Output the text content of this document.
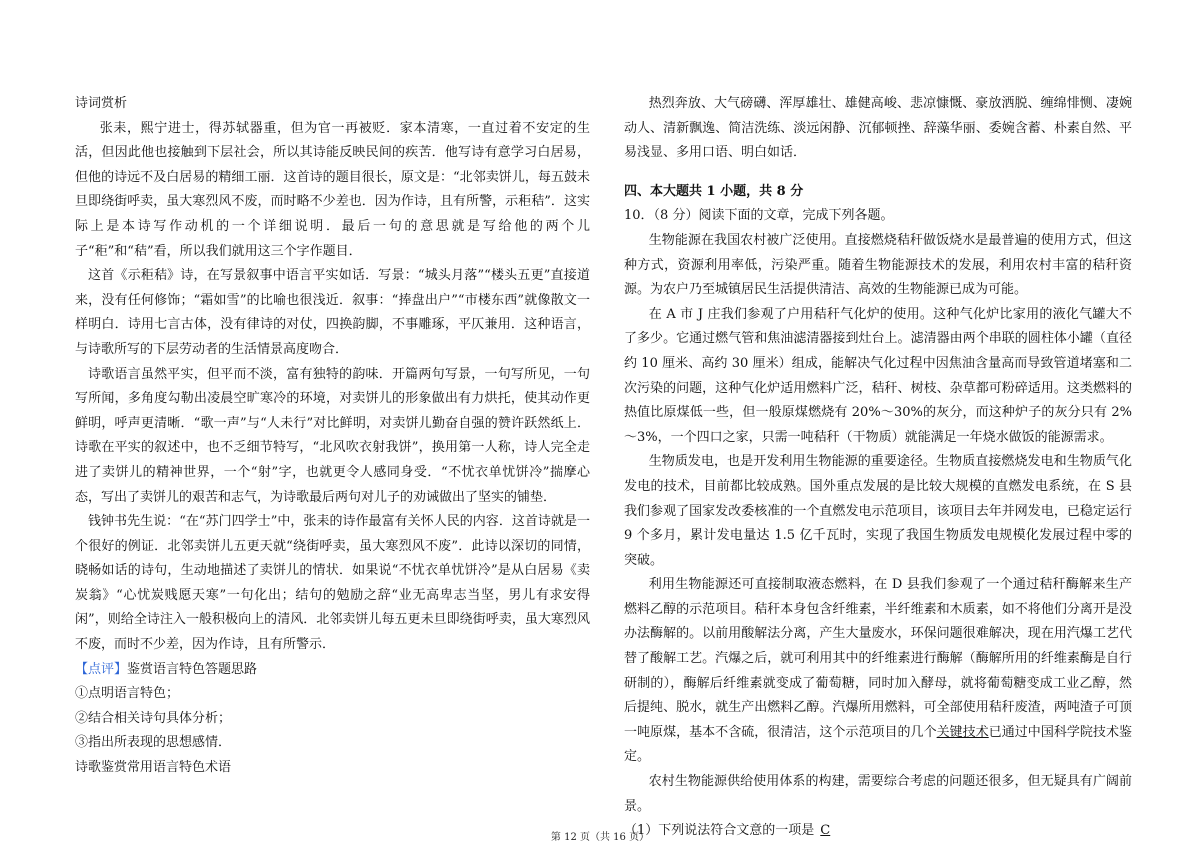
诗词赏析

张耒，熙宁进士，得苏轼器重，但为官一再被贬．家本清寒，一直过着不安定的生活，但因此他也接触到下层社会，所以其诗能反映民间的疾苦．他写诗有意学习白居易，但他的诗远不及白居易的精细工丽．这首诗的题目很长，原文是：“北邻卖饼儿，每五鼓未旦即绕街呼卖，虽大寒烈风不废，而时略不少差也．因为作诗，且有所警，示秬秸”．这实际上是本诗写作动机的一个详细说明．最后一句的意思就是写给他的两个儿子“秬”和“秸”看，所以我们就用这三个字作题目．

这首《示秬秸》诗，在写景叙事中语言平实如话．写景：“城头月落”“楼头五更”直接道来，没有任何修饰；“霜如雪”的比喻也很浅近．叙事：“捧盘出户”“市楼东西”就像散文一样明白．诗用七言古体，没有律诗的对仗，四换韵脚，不事雕琢，平仄兼用．这种语言，与诗歌所写的下层劳动者的生活情景高度吻合．

诗歌语言虽然平实，但平而不淡，富有独特的韵味．开篇两句写景，一句写所见，一句写所闻，多角度勾勒出凌晨空旷寒冷的环境，对卖饼儿的形象做出有力烘托，使其动作更鲜明，呼声更清晰．“歌一声”与“人未行”对比鲜明，对卖饼儿勤奋自强的赞许跃然纸上．诗歌在平实的叙述中，也不乏细节特写，“北风吹衣射我饼”，换用第一人称，诗人完全走进了卖饼儿的精神世界，一个“射”字，也就更令人感同身受．“不忧衣单忧饼冷”揣摩心态，写出了卖饼儿的艰苦和志气，为诗歌最后两句对儿子的劝诫做出了坚实的铺垫．

钱钟书先生说：“在“苏门四学士”中，张耒的诗作最富有关怀人民的内容．这首诗就是一个很好的例证．北邻卖饼儿五更天就“绕街呼卖，虽大寒烈风不废”．此诗以深切的同情，晓畅如话的诗句，生动地描述了卖饼儿的情状．如果说“不忧衣单忧饼冷”是从白居易《卖炭翁》“心忧炭贱愿天寒”一句化出；结句的勉励之辞“业无高卑志当坚，男儿有求安得闲”，则给全诗注入一般积极向上的清风．北邻卖饼儿每五更未旦即绕街呼卖，虽大寒烈风不废，而时不少差，因为作诗，且有所警示．

【点评】鉴赏语言特色答题思路

①点明语言特色；

②结合相关诗句具体分析；

③指出所表现的思想感情．

诗歌鉴赏常用语言特色术语

热烈奔放、大气磅礴、浑厚雄壮、雄健高峻、悲凉慷慨、豪放洒脱、缠绵悱恻、凄婉动人、清新飘逸、简洁洗练、淡远闲静、沉郁顿挫、辞藻华丽、委婉含蓄、朴素自然、平易浅显、多用口语、明白如话．

四、本大题共 1 小题，共 8 分

10．（8 分）阅读下面的文章，完成下列各题。

生物能源在我国农村被广泛使用。直接燃烧秸秆做饭烧水是最普遍的使用方式，但这种方式，资源利用率低，污染严重。随着生物能源技术的发展，利用农村丰富的秸秆资源。为农户乃至城镇居民生活提供清洁、高效的生物能源已成为可能。

在 A 市 J 庄我们参观了户用秸秆气化炉的使用。这种气化炉比家用的液化气罐大不了多少。它通过燃气管和焦油滤清器接到灶台上。滤清器由两个串联的圆柱体小罐（直径约 10 厘米、高约 30 厘米）组成，能解决气化过程中因焦油含量高而导致管道堵塞和二次污染的问题，这种气化炉适用燃料广泛，秸秆、树枝、杂草都可粉碎适用。这类燃料的热值比原煤低一些，但一般原煤燃烧有 20%～30%的灰分，而这种炉子的灰分只有 2%～3%，一个四口之家，只需一吨秸秆（干物质）就能满足一年烧水做饭的能源需求。

生物质发电，也是开发利用生物能源的重要途径。生物质直接燃烧发电和生物质气化发电的技术，目前都比较成熟。国外重点发展的是比较大规模的直燃发电系统，在 S 县我们参观了国家发改委核准的一个直燃发电示范项目，该项目去年并网发电，已稳定运行 9 个多月，累计发电量达 1.5 亿千瓦时，实现了我国生物质发电规模化发展过程中零的突破。

利用生物能源还可直接制取液态燃料，在 D 县我们参观了一个通过秸秆酶解来生产燃料乙醇的示范项目。秸秆本身包含纤维素，半纤维素和木质素，如不将他们分离开是没办法酶解的。以前用酸解法分离，产生大量废水，环保问题很难解决，现在用汽爆工艺代替了酸解工艺。汽爆之后，就可利用其中的纤维素进行酶解（酶解所用的纤维素酶是自行研制的），酶解后纤维素就变成了葡萄糖，同时加入酵母，就将葡萄糖变成工业乙醇，然后提纯、脱水，就生产出燃料乙醇。汽爆所用燃料，可全部使用秸秆废渣，两吨渣子可顶一吨原煤，基本不含硫，很清洁，这个示范项目的几个关键技术已通过中国科学院技术鉴定。

农村生物能源供给使用体系的构建，需要综合考虑的问题还很多，但无疑具有广阔前景。

（1）下列说法符合文意的一项是 C

第 12 页（共 16 页）
